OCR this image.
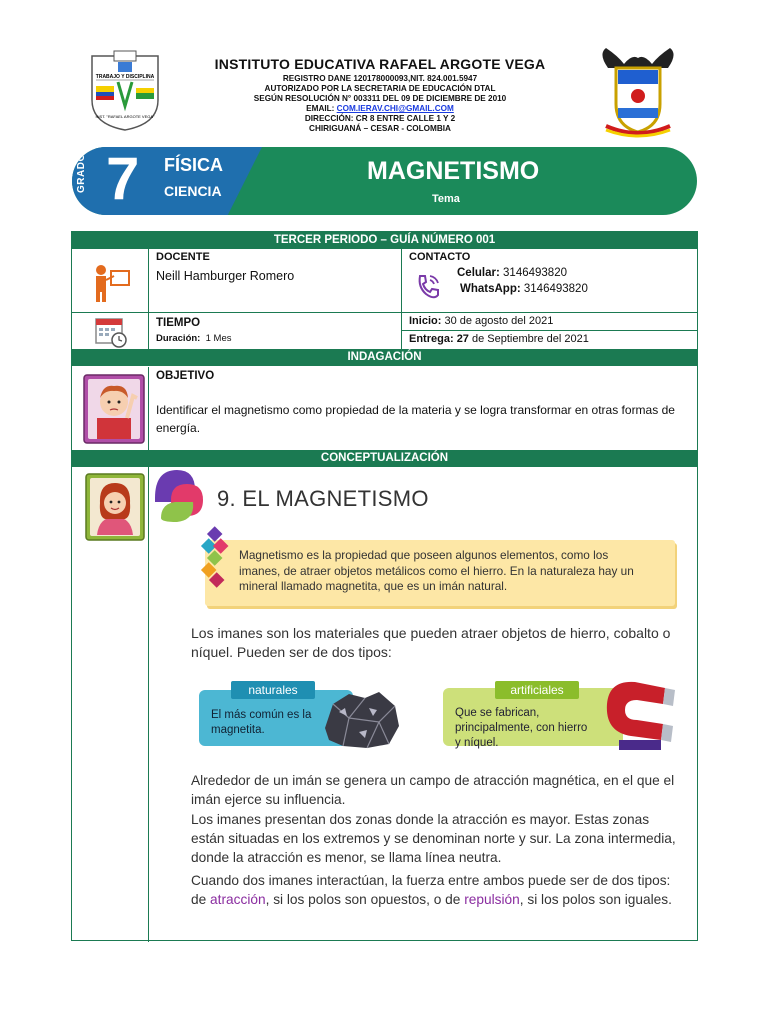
TRABAJO Y DISCIPLINA
INST. "RAFAEL ARGOTE VEGA"
INSTITUTO EDUCATIVA RAFAEL ARGOTE VEGA
REGISTRO DANE 120178000093,NIT. 824.001.5947
AUTORIZADO POR LA SECRETARIA DE EDUCACIÓN DTAL
SEGÚN RESOLUCIÓN N° 003311 DEL 09 DE DICIEMBRE DE 2010
EMAIL: COM.IERAV.CHI@GMAIL.COM
DIRECCIÓN: CR 8 ENTRE CALLE 1 Y 2
CHIRIGUANÁ – CESAR - COLOMBIA
GRADO 7 FÍSICA
CIENCIA
MAGNETISMO
Tema
TERCER PERIODO – GUÍA NÚMERO 001
INDAGACIÓN
CONCEPTUALIZACIÓN
DOCENTE
Neill Hamburger Romero
CONTACTO
Celular: 3146493820
WhatsApp: 3146493820
TIEMPO
Duración: 1 Mes
Inicio: 30 de agosto del 2021
Entrega: 27 de Septiembre del 2021
OBJETIVO
Identificar el magnetismo como propiedad de la materia y se logra transformar en otras formas de energía.
9. EL MAGNETISMO
Magnetismo es la propiedad que poseen algunos elementos, como los imanes, de atraer objetos metálicos como el hierro. En la naturaleza hay un mineral llamado magnetita, que es un imán natural.
Los imanes son los materiales que pueden atraer objetos de hierro, cobalto o níquel. Pueden ser de dos tipos:
naturales
El más común es la magnetita.
artificiales
Que se fabrican, principalmente, con hierro y níquel.
Alrededor de un imán se genera un campo de atracción magnética, en el que el imán ejerce su influencia.
Los imanes presentan dos zonas donde la atracción es mayor. Estas zonas están situadas en los extremos y se denominan norte y sur. La zona intermedia, donde la atracción es menor, se llama línea neutra.
Cuando dos imanes interactúan, la fuerza entre ambos puede ser de dos tipos: de atracción, si los polos son opuestos, o de repulsión, si los polos son iguales.
